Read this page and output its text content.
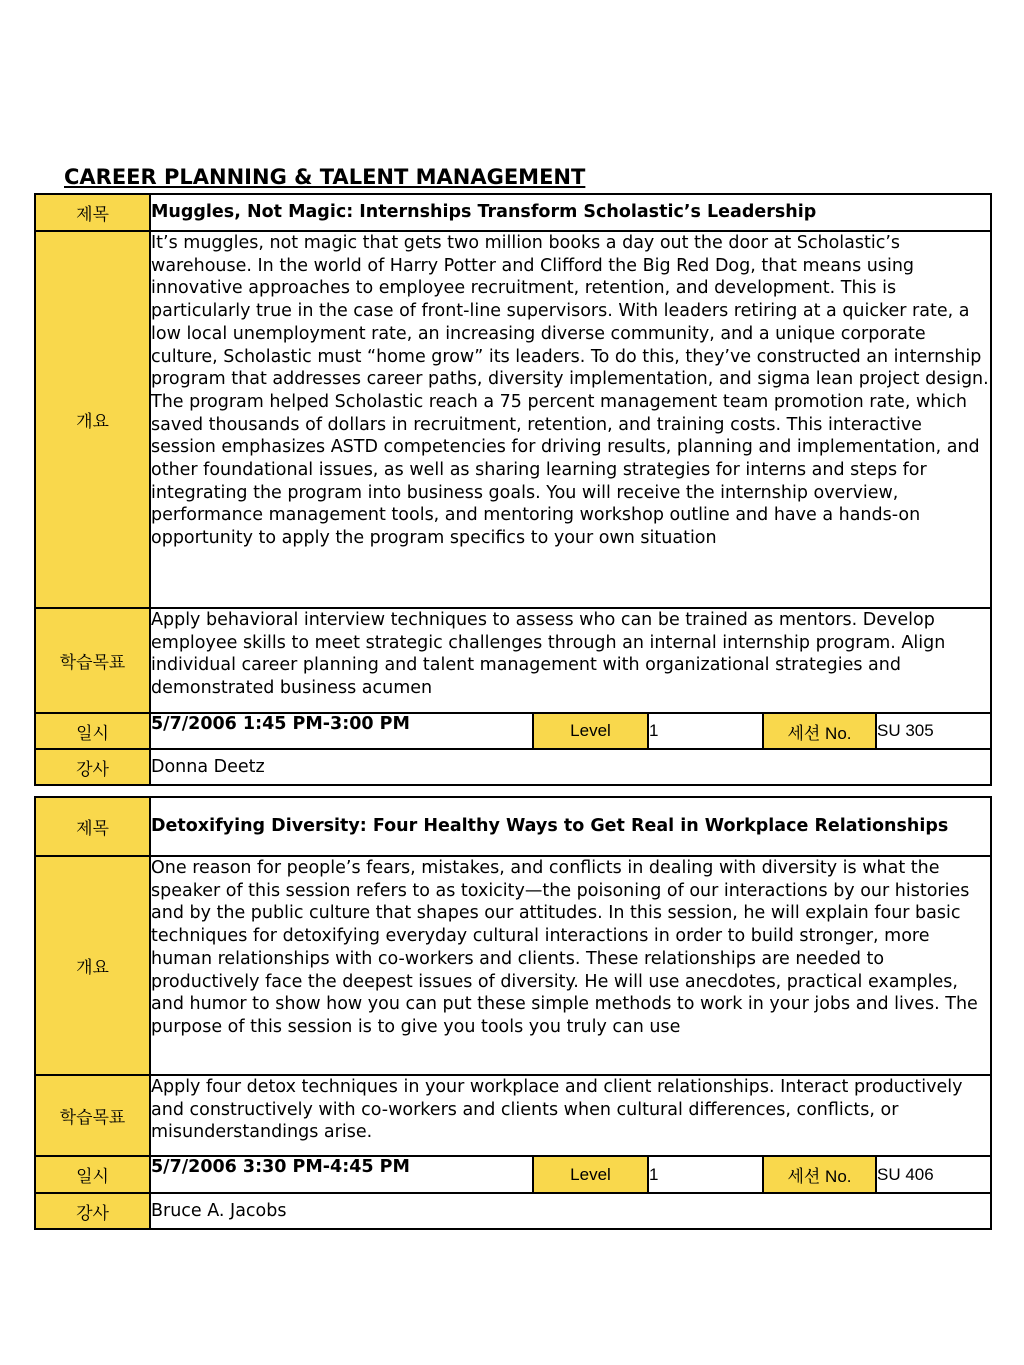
CAREER PLANNING & TALENT MANAGEMENT
제목	Muggles, Not Magic: Internships Transform Scholastic’s Leadership				
개요	It’s muggles, not magic that gets two million books a day out the door at Scholastic’s warehouse. In the world of Harry Potter and Clifford the Big Red Dog, that means using innovative approaches to employee recruitment, retention, and development. This is particularly true in the case of front-line supervisors. With leaders retiring at a quicker rate, a low local unemployment rate, an increasing diverse community, and a unique corporate culture, Scholastic must “home grow” its leaders. To do this, they’ve constructed an internship program that addresses career paths, diversity implementation, and sigma lean project design. The program helped Scholastic reach a 75 percent management team promotion rate, which saved thousands of dollars in recruitment, retention, and training costs. This interactive session emphasizes ASTD competencies for driving results, planning and implementation, and other foundational issues, as well as sharing learning strategies for interns and steps for integrating the program into business goals. You will receive the internship overview, performance management tools, and mentoring workshop outline and have a hands-on opportunity to apply the program specifics to your own situation				
학습목표	Apply behavioral interview techniques to assess who can be trained as mentors. Develop employee skills to meet strategic challenges through an internal internship program. Align individual career planning and talent management with organizational strategies and demonstrated business acumen				
일시	5/7/2006 1:45 PM-3:00 PM	Level	1	세션 No.	SU 305
강사	Donna Deetz				
제목	Detoxifying Diversity: Four Healthy Ways to Get Real in Workplace Relationships				
개요	One reason for people’s fears, mistakes, and conflicts in dealing with diversity is what the speaker of this session refers to as toxicity—the poisoning of our interactions by our histories and by the public culture that shapes our attitudes. In this session, he will explain four basic techniques for detoxifying everyday cultural interactions in order to build stronger, more human relationships with co-workers and clients. These relationships are needed to productively face the deepest issues of diversity. He will use anecdotes, practical examples, and humor to show how you can put these simple methods to work in your jobs and lives. The purpose of this session is to give you tools you truly can use				
학습목표	Apply four detox techniques in your workplace and client relationships. Interact productively and constructively with co-workers and clients when cultural differences, conflicts, or misunderstandings arise.				
일시	5/7/2006 3:30 PM-4:45 PM	Level	1	세션 No.	SU 406
강사	Bruce A. Jacobs				
